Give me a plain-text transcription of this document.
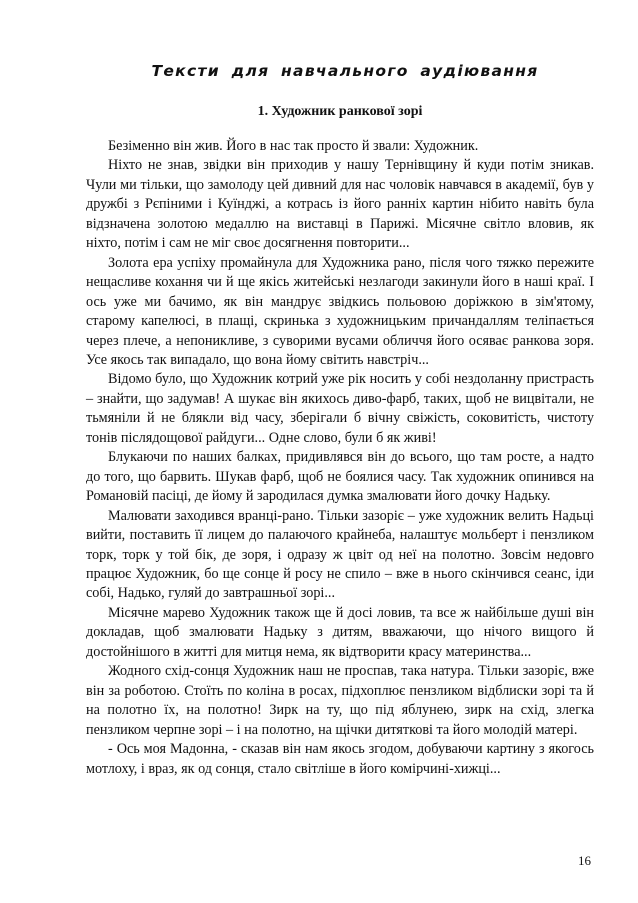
Тексти для навчального аудіювання
1. Художник ранкової зорі

Безіменно він жив. Його в нас так просто й звали: Художник.

Ніхто не знав, звідки він приходив у нашу Тернівщину й куди потім зникав. Чули ми тільки, що замолоду цей дивний для нас чоловік навчався в академії, був у дружбі з Рєпіними і Куїнджі, а котрась із його ранніх картин нібито навіть була відзначена золотою медаллю на виставці в Парижі. Місячне світло вловив, як ніхто, потім і сам не міг своє досягнення повторити...

Золота ера успіху промайнула для Художника рано, після чого тяжко пережите нещасливе кохання чи й ще якісь житейські незлагоди закинули його в наші краї. І ось уже ми бачимо, як він мандрує звідкись польовою доріжкою в зім'ятому, старому капелюсі, в плащі, скринька з художницьким причандаллям теліпається через плече, а непоникливе, з суворими вусами обличчя його осяває ранкова зоря. Усе якось так випадало, що вона йому світить навстріч...

Відомо було, що Художник котрий уже рік носить у собі нездоланну пристрасть – знайти, що задумав! А шукає він якихось диво-фарб, таких, щоб не вицвітали, не тьмяніли й не блякли від часу, зберігали б вічну свіжість, соковитість, чистоту тонів післядощової райдуги... Одне слово, були б як живі!

Блукаючи по наших балках, придивлявся він до всього, що там росте, а надто до того, що барвить. Шукав фарб, щоб не боялися часу. Так художник опинився на Романовій пасіці, де йому й зародилася думка змалювати його дочку Надьку.

Малювати заходився вранці-рано. Тільки зазоріє – уже художник велить Надьці вийти, поставить її лицем до палаючого крайнеба, налаштує мольберт і пензликом торк, торк у той бік, де зоря, і одразу ж цвіт од неї на полотно. Зовсім недовго працює Художник, бо ще сонце й росу не спило – вже в нього скінчився сеанс, іди собі, Надько, гуляй до завтрашньої зорі...

Місячне марево Художник також ще й досі ловив, та все ж найбільше душі він докладав, щоб змалювати Надьку з дитям, вважаючи, що нічого вищого й достойнішого в житті для митця нема, як відтворити красу материнства...

Жодного схід-сонця Художник наш не проспав, така натура. Тільки зазоріє, вже він за роботою. Стоїть по коліна в росах, підхоплює пензликом відблиски зорі та й на полотно їх, на полотно! Зирк на ту, що під яблунею, зирк на схід, злегка пензликом черпне зорі – і на полотно, на щічки дитяткові та його молодій матері.

- Ось моя Мадонна, - сказав він нам якось згодом, добуваючи картину з якогось мотлоху, і враз, як од сонця, стало світліше в його комірчині-хижці...

16
